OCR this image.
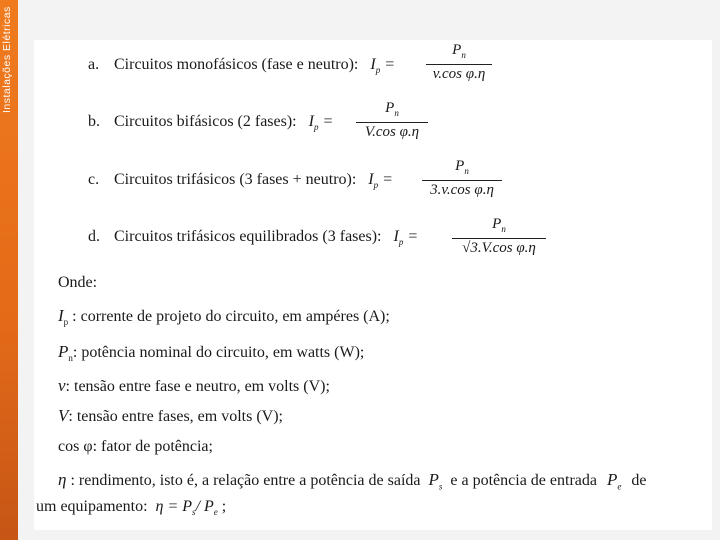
Instalações Elétricas	a. Circuitos monofásicos (fase e neutro): $I_p$ =
$P_n$
v.cos φ.η
b. Circuitos bifásicos (2 fases): $I_p$ =
$P_n$
V.cos φ.η
c. Circuitos trifásicos (3 fases + neutro): $I_p$ =
$P_n$
3.v.cos φ.η
d. Circuitos trifásicos equilibrados (3 fases): $I_p$ =
$P_n$
√3.V.cos φ.η
Onde:
$I_p$ : corrente de projeto do circuito, em ampéres (A);
$P_n$: potência nominal do circuito, em watts (W);
v: tensão entre fase e neutro, em volts (V);
V: tensão entre fases, em volts (V);
cos φ: fator de potência;
η : rendimento, isto é, a relação entre a potência de saída $P_s$ e a potência de entrada $P_e$ de
um equipamento: $\eta = P_s/$ $P_e$ ;
